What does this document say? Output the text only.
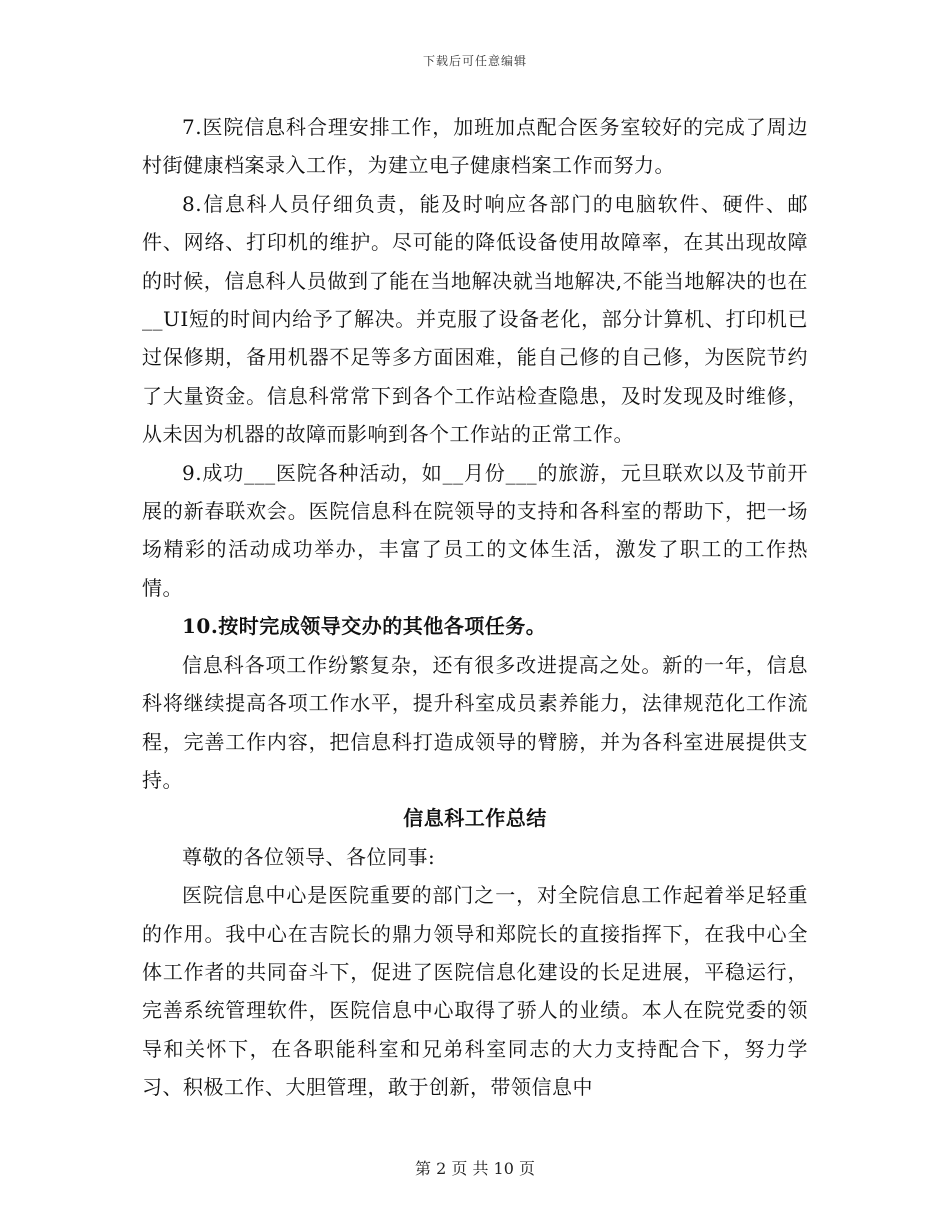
下载后可任意编辑

7.医院信息科合理安排工作，加班加点配合医务室较好的完成了周边村街健康档案录入工作，为建立电子健康档案工作而努力。

8.信息科人员仔细负责，能及时响应各部门的电脑软件、硬件、邮件、网络、打印机的维护。尽可能的降低设备使用故障率，在其出现故障的时候，信息科人员做到了能在当地解决就当地解决,不能当地解决的也在__UI短的时间内给予了解决。并克服了设备老化，部分计算机、打印机已过保修期，备用机器不足等多方面困难，能自己修的自己修，为医院节约了大量资金。信息科常常下到各个工作站检查隐患，及时发现及时维修，从未因为机器的故障而影响到各个工作站的正常工作。

9.成功___医院各种活动，如__月份___的旅游，元旦联欢以及节前开展的新春联欢会。医院信息科在院领导的支持和各科室的帮助下，把一场场精彩的活动成功举办，丰富了员工的文体生活，激发了职工的工作热情。

10.按时完成领导交办的其他各项任务。

信息科各项工作纷繁复杂，还有很多改进提高之处。新的一年，信息科将继续提高各项工作水平，提升科室成员素养能力，法律规范化工作流程，完善工作内容，把信息科打造成领导的臂膀，并为各科室进展提供支持。

信息科工作总结

尊敬的各位领导、各位同事:

医院信息中心是医院重要的部门之一，对全院信息工作起着举足轻重的作用。我中心在吉院长的鼎力领导和郑院长的直接指挥下，在我中心全体工作者的共同奋斗下，促进了医院信息化建设的长足进展，平稳运行，完善系统管理软件，医院信息中心取得了骄人的业绩。本人在院党委的领导和关怀下，在各职能科室和兄弟科室同志的大力支持配合下，努力学习、积极工作、大胆管理，敢于创新，带领信息中

第 2 页 共 10 页
